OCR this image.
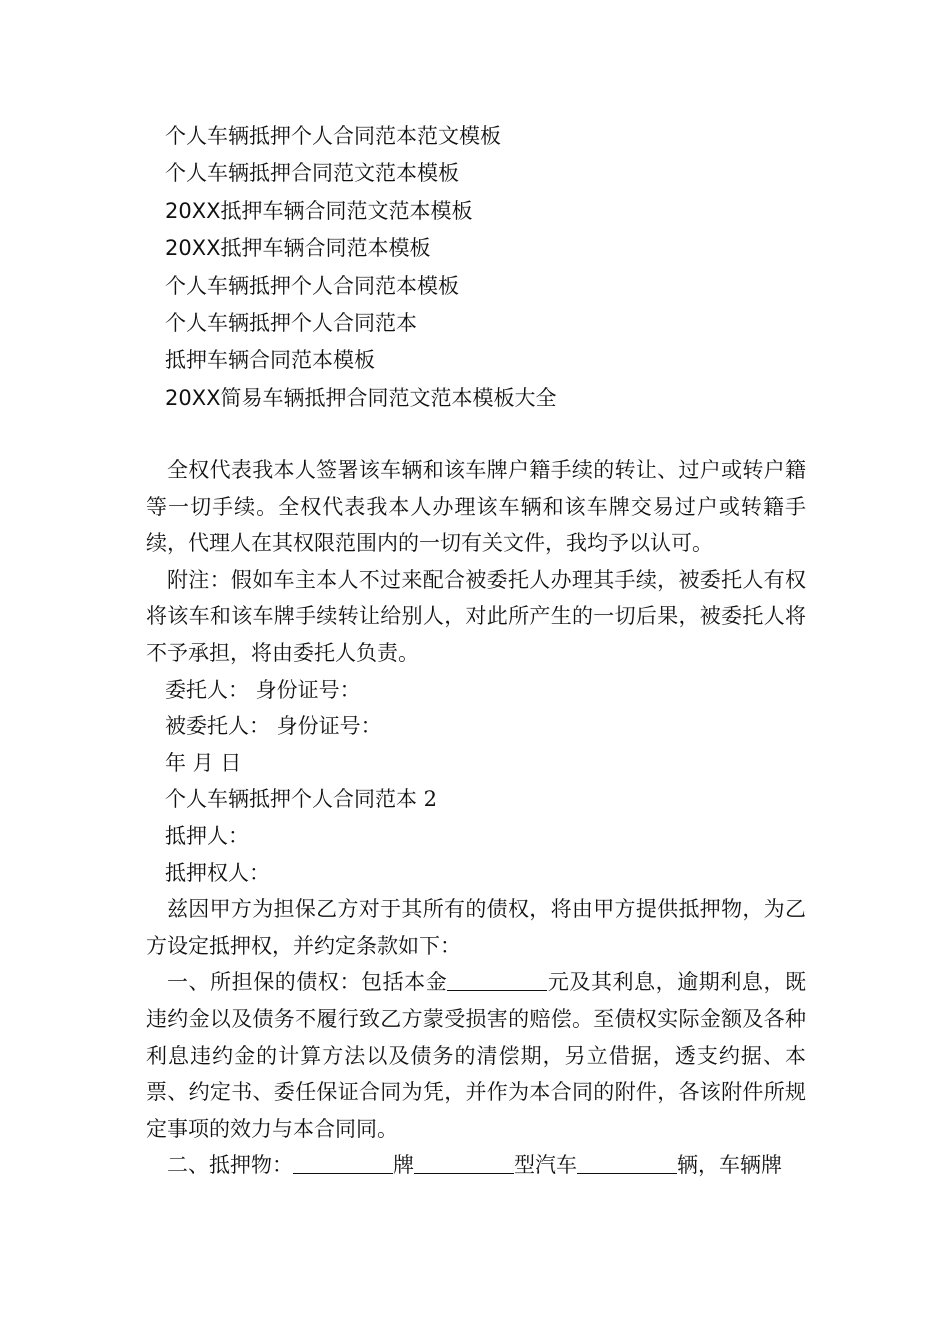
个人车辆抵押个人合同范本范文模板
个人车辆抵押合同范文范本模板
20XX抵押车辆合同范文范本模板
20XX抵押车辆合同范本模板
个人车辆抵押个人合同范本模板
个人车辆抵押个人合同范本
抵押车辆合同范本模板
20XX简易车辆抵押合同范文范本模板大全

全权代表我本人签署该车辆和该车牌户籍手续的转让、过户或转户籍等一切手续。全权代表我本人办理该车辆和该车牌交易过户或转籍手续，代理人在其权限范围内的一切有关文件，我均予以认可。

附注：假如车主本人不过来配合被委托人办理其手续，被委托人有权将该车和该车牌手续转让给别人，对此所产生的一切后果，被委托人将不予承担，将由委托人负责。

委托人： 身份证号：

被委托人： 身份证号：

年 月 日

个人车辆抵押个人合同范本 2

抵押人：

抵押权人：

兹因甲方为担保乙方对于其所有的债权，将由甲方提供抵押物，为乙方设定抵押权，并约定条款如下：

一、所担保的债权：包括本金	元及其利息，逾期利息，既违约金以及债务不履行致乙方蒙受损害的赔偿。至债权实际金额及各种利息违约金的计算方法以及债务的清偿期，另立借据，透支约据、本票、约定书、委任保证合同为凭，并作为本合同的附件，各该附件所规定事项的效力与本合同同。

二、抵押物：	牌	型汽车	辆，车辆牌
